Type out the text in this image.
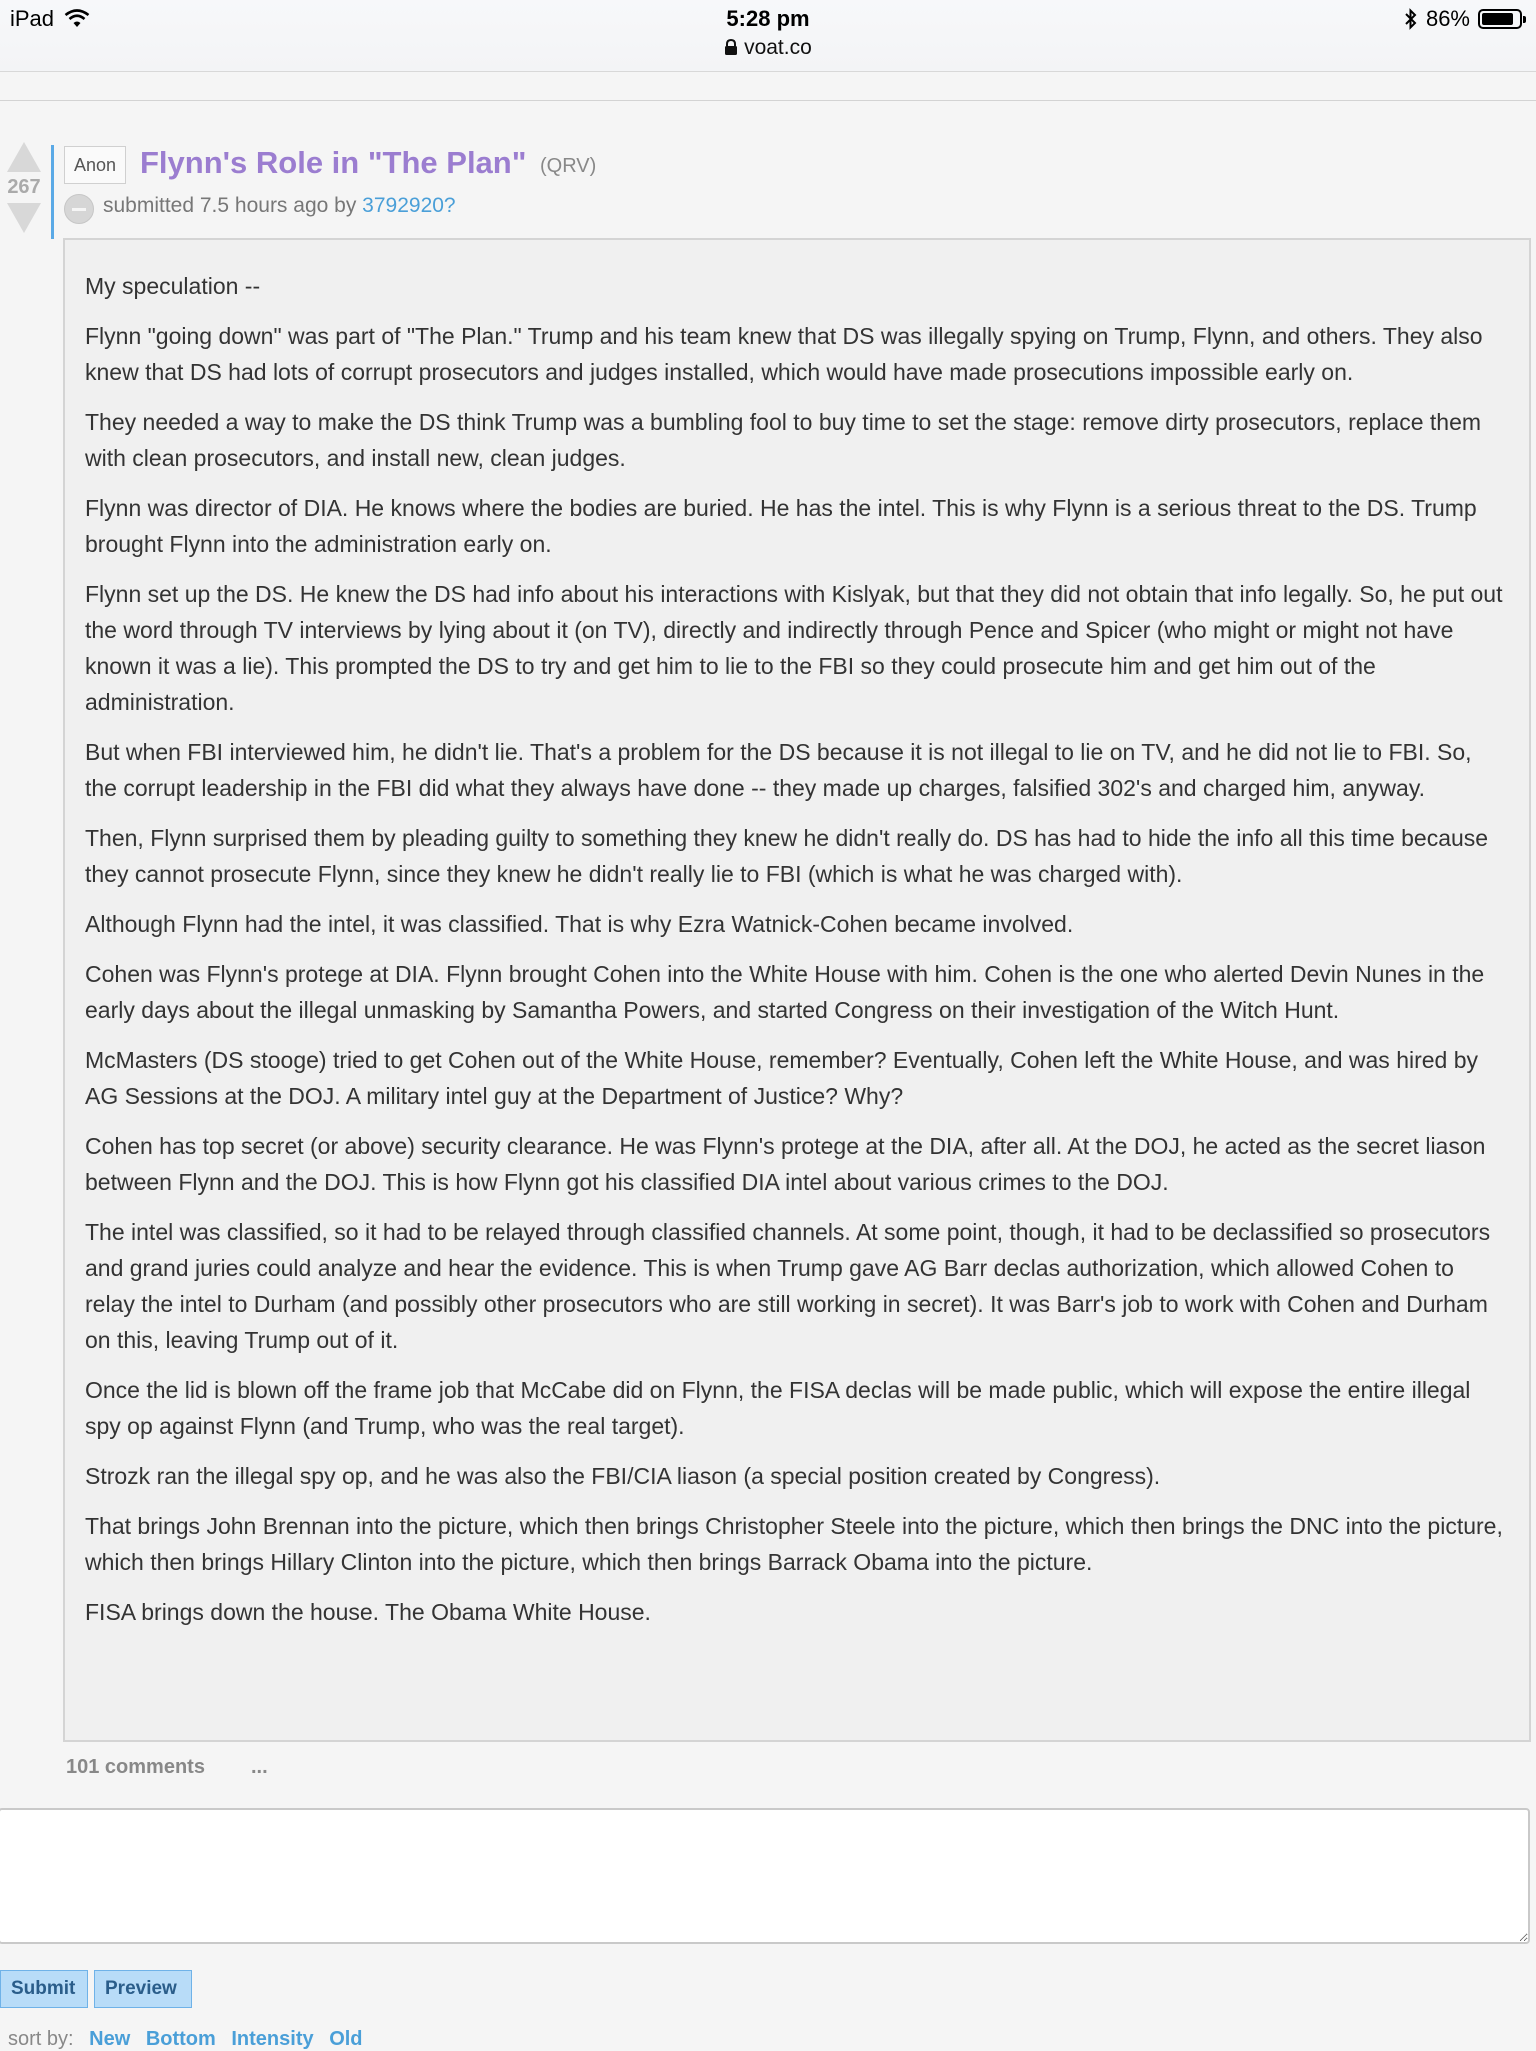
iPad	5:28 pm
voat.co
86%
267
Anon Flynn's Role in "The Plan" (QRV)
submitted 7.5 hours ago by 3792920?

My speculation --

Flynn "going down" was part of "The Plan." Trump and his team knew that DS was illegally spying on Trump, Flynn, and others. They also knew that DS had lots of corrupt prosecutors and judges installed, which would have made prosecutions impossible early on.

They needed a way to make the DS think Trump was a bumbling fool to buy time to set the stage: remove dirty prosecutors, replace them with clean prosecutors, and install new, clean judges.

Flynn was director of DIA. He knows where the bodies are buried. He has the intel. This is why Flynn is a serious threat to the DS. Trump brought Flynn into the administration early on.

Flynn set up the DS. He knew the DS had info about his interactions with Kislyak, but that they did not obtain that info legally. So, he put out the word through TV interviews by lying about it (on TV), directly and indirectly through Pence and Spicer (who might or might not have known it was a lie). This prompted the DS to try and get him to lie to the FBI so they could prosecute him and get him out of the administration.

But when FBI interviewed him, he didn't lie. That's a problem for the DS because it is not illegal to lie on TV, and he did not lie to FBI. So, the corrupt leadership in the FBI did what they always have done -- they made up charges, falsified 302's and charged him, anyway.

Then, Flynn surprised them by pleading guilty to something they knew he didn't really do. DS has had to hide the info all this time because they cannot prosecute Flynn, since they knew he didn't really lie to FBI (which is what he was charged with).

Although Flynn had the intel, it was classified. That is why Ezra Watnick-Cohen became involved.

Cohen was Flynn's protege at DIA. Flynn brought Cohen into the White House with him. Cohen is the one who alerted Devin Nunes in the early days about the illegal unmasking by Samantha Powers, and started Congress on their investigation of the Witch Hunt.

McMasters (DS stooge) tried to get Cohen out of the White House, remember? Eventually, Cohen left the White House, and was hired by AG Sessions at the DOJ. A military intel guy at the Department of Justice? Why?

Cohen has top secret (or above) security clearance. He was Flynn's protege at the DIA, after all. At the DOJ, he acted as the secret liason between Flynn and the DOJ. This is how Flynn got his classified DIA intel about various crimes to the DOJ.

The intel was classified, so it had to be relayed through classified channels. At some point, though, it had to be declassified so prosecutors and grand juries could analyze and hear the evidence. This is when Trump gave AG Barr declas authorization, which allowed Cohen to relay the intel to Durham (and possibly other prosecutors who are still working in secret). It was Barr's job to work with Cohen and Durham on this, leaving Trump out of it.

Once the lid is blown off the frame job that McCabe did on Flynn, the FISA declas will be made public, which will expose the entire illegal spy op against Flynn (and Trump, who was the real target).

Strozk ran the illegal spy op, and he was also the FBI/CIA liason (a special position created by Congress).

That brings John Brennan into the picture, which then brings Christopher Steele into the picture, which then brings the DNC into the picture, which then brings Hillary Clinton into the picture, which then brings Barrack Obama into the picture.

FISA brings down the house. The Obama White House.

101 comments ...
Submit	Preview
sort by: New Bottom Intensity Old
